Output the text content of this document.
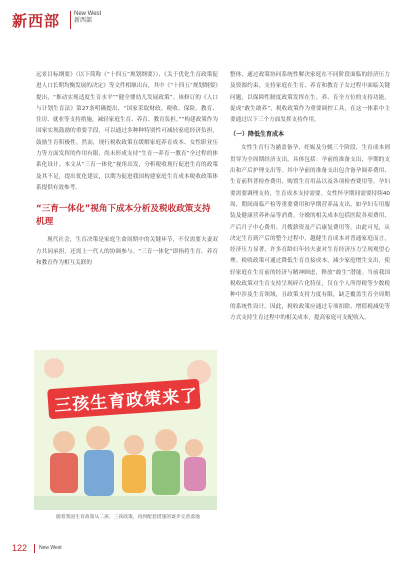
新西部 New West
新西部

远景目标纲要》（以下简称《“十四五”规划纲要》）、《关于优化生育政策促进人口长期均衡发展的决定》等文件相继出台，其中《“十四五”规划纲要》提出，“推动实现适度生育水平”“健全婴幼儿发展政策”。该修订的《人口与计划生育法》第27条明确提出，“国家采取财政、税收、保险、教育、住房、就业等支持措施，减轻家庭生育、养育、教育负担。”“构建政策作为国家实现鼓励的重要手段，可以通过多种种特别性可减轻家庭经济负担，鼓励生育积极性。然而，现行税收政策在缓解家庭养育成本、女性职业压力等方面发挥的作用有限，尚未形成支持“生育一养育一教育”全过程的体系化设计。本文从“三育一体化”视角出发，分析税收现行促进生育的政策及其不足，提出优化建议，以期为促进我国构建家庭生育成本税收政策体系提供有效参考。

“三育一体化”视角下成本分析及税收政策支持机理

现代社会，生育决策是家庭生命周期中的关键环节，不仅需要夫妻双方共同承担，还需上一代人的协调参与。“三育一体化”即指将生育、养育和教育作为相互关联的

整体，通过政策协同系统性解决家庭在不同阶段面临的经济压力及资源约束。支持家庭在生育、养育和教育子女过程中面临关键问题，以保障性制度政策发挥在生、养、育全方位的支持功能，促成“敢生敢养”，税收政策作为重要调控工具，在这一体系中主要通过以下三个方面发挥支持作用。

（一）降低生育成本

女性生育行为涵盖备孕、妊娠及分娩三个阶段，生育成本则贯穿为全周期经济支出，具体包括：孕前的准备支出、孕期的支出和产后护理支出等。其中孕前的准备支出包含备孕调养费用、生育前科普检查费用、购置生育用品以及各项检查费用等，孕妇要需要调理支持，生育成本支持需要。女性怀孕期间需要持续40周，期间面临产检等重要费用和孕期营养品支出，如孕妇专用服装及健康营养补品等消费。分娩的相关成本包括医院各项费用、产后月子中心费用、月嫂薪资及产后康复费用等。由此可见，从决定生育到产后的整个过程中，越健生育成本对普通家庭而言，经济压力显著，许多育龄妇年轻夫妻对生育经济压力呈现观望心理。税收政策可通过降低生育直接成本，减少家庭增生支出，使轻家庭在生育前的经济与精神顾虑，释放“敢生”潜能。当前我国税收政策对生育支持呈现碎片化特征，仅在个人所得税等少数税种中涉及生育领域，且政策支持力度有限，缺乏覆盖生育全周期的系统性设计。因此，税收政策应通过专项扣除、增值税减免等方式支持生育过程中的相关成本，提高家庭可支配收入。

三孩生育政策来了
随着我国生育政策从二孩、三孩政策，再到配套措施的逐步完善落地
122 New West
